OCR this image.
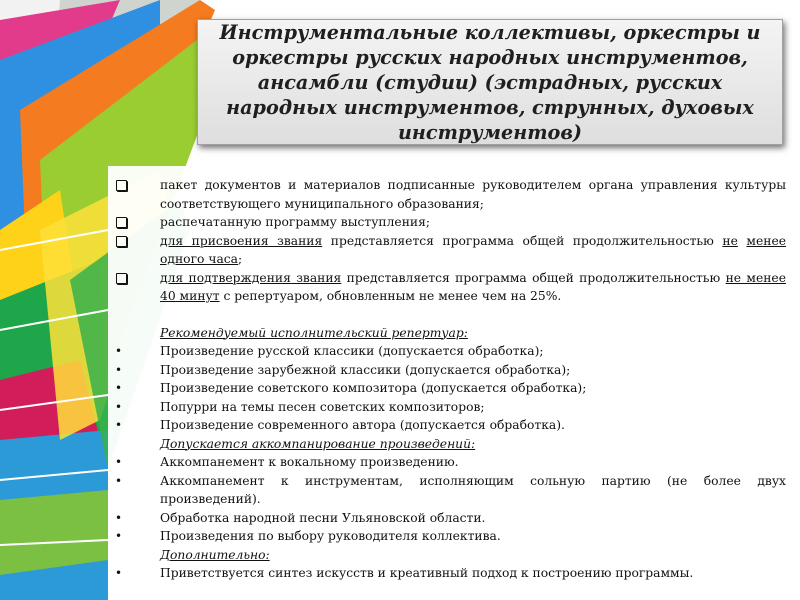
Инструментальные коллективы, оркестры и оркестры русских народных инструментов, ансамбли (студии) (эстрадных, русских народных инструментов, струнных, духовых инструментов)

пакет документов и материалов подписанные руководителем органа управления культуры соответствующего муниципального образования;
распечатанную программу выступления;
для присвоения звания представляется программа общей продолжительностью не менее одного часа;
для подтверждения звания представляется программа общей продолжительностью не менее 40 минут с репертуаром, обновленным не менее чем на 25%.
Рекомендуемый исполнительский репертуар:
•	Произведение русской классики (допускается обработка);
•	Произведение зарубежной классики (допускается обработка);
•	Произведение советского композитора (допускается обработка);
•	Попурри на темы песен советских композиторов;
•	Произведение современного автора (допускается обработка).
Допускается аккомпанирование произведений:
•	Аккомпанемент к вокальному произведению.
•	Аккомпанемент к инструментам, исполняющим сольную партию (не более двух произведений).
•	Обработка народной песни Ульяновской области.
•	Произведения по выбору руководителя коллектива.
Дополнительно:
•	Приветствуется синтез искусств и креативный подход к построению программы.
